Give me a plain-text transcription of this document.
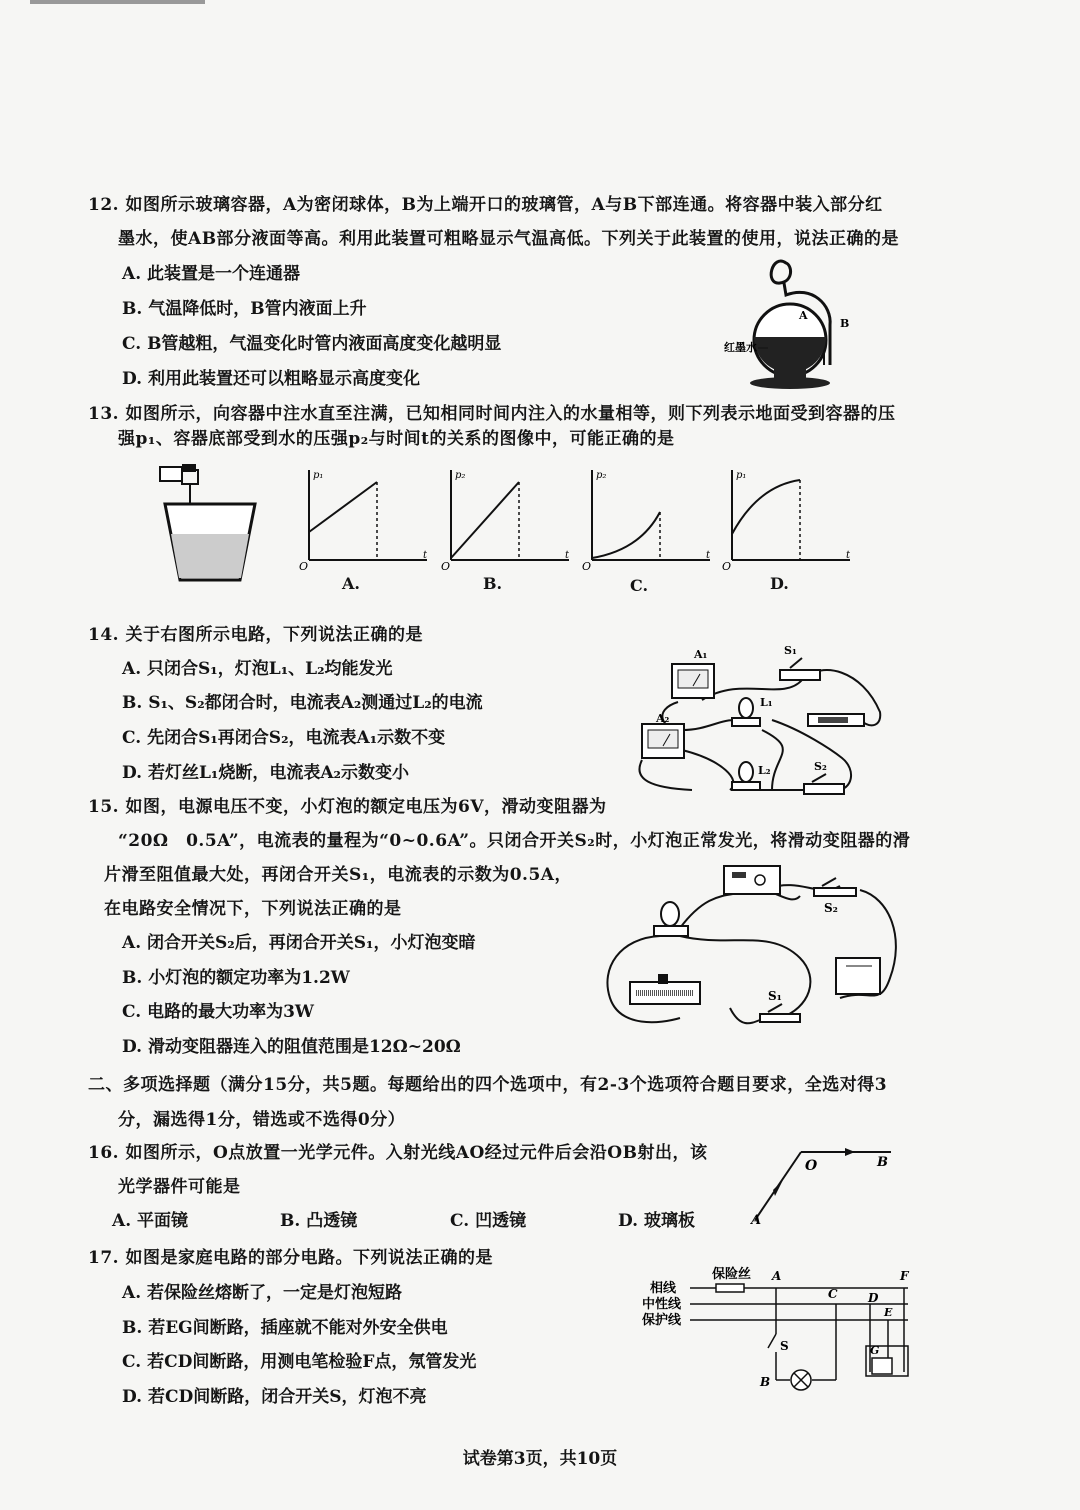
12. 如图所示玻璃容器，A为密闭球体，B为上端开口的玻璃管，A与B下部连通。将容器中装入部分红
墨水，使AB部分液面等高。利用此装置可粗略显示气温高低。下列关于此装置的使用，说法正确的是
A. 此装置是一个连通器
B. 气温降低时，B管内液面上升
C. B管越粗，气温变化时管内液面高度变化越明显
D. 利用此装置还可以粗略显示高度变化
A
B
红墨水
13. 如图所示，向容器中注水直至注满，已知相同时间内注入的水量相等，则下列表示地面受到容器的压
强p₁、容器底部受到水的压强p₂与时间t的关系的图像中，可能正确的是
p₁
O
t
A.
p₂
O
t
B.
p₂
O
t
C.
p₁
O
t
D.
14. 关于右图所示电路，下列说法正确的是
A. 只闭合S₁，灯泡L₁、L₂均能发光
B. S₁、S₂都闭合时，电流表A₂测通过L₂的电流
C. 先闭合S₁再闭合S₂，电流表A₁示数不变
D. 若灯丝L₁烧断，电流表A₂示数变小
A₁
A₂
S₁
L₁
L₂	S₂
15. 如图，电源电压不变，小灯泡的额定电压为6V，滑动变阻器为
“20Ω　0.5A”，电流表的量程为“0~0.6A”。只闭合开关S₂时，小灯泡正常发光，将滑动变阻器的滑
片滑至阻值最大处，再闭合开关S₁，电流表的示数为0.5A，
在电路安全情况下，下列说法正确的是
A. 闭合开关S₂后，再闭合开关S₁，小灯泡变暗
B. 小灯泡的额定功率为1.2W
C. 电路的最大功率为3W
D. 滑动变阻器连入的阻值范围是12Ω~20Ω
S₂
S₁
二、多项选择题（满分15分，共5题。每题给出的四个选项中，有2-3个选项符合题目要求，全选对得3
分，漏选得1分，错选或不选得0分）
16. 如图所示，O点放置一光学元件。入射光线AO经过元件后会沿OB射出，该
光学器件可能是
A. 平面镜	B. 凸透镜	C. 凹透镜	D. 玻璃板
O	B
A
17. 如图是家庭电路的部分电路。下列说法正确的是
A. 若保险丝熔断了，一定是灯泡短路
B. 若EG间断路，插座就不能对外安全供电
C. 若CD间断路，用测电笔检验F点，氖管发光
D. 若CD间断路，闭合开关S，灯泡不亮
相线
中性线
保护线
保险丝 A	F
S
B
C	D
E
G
试卷第3页，共10页
